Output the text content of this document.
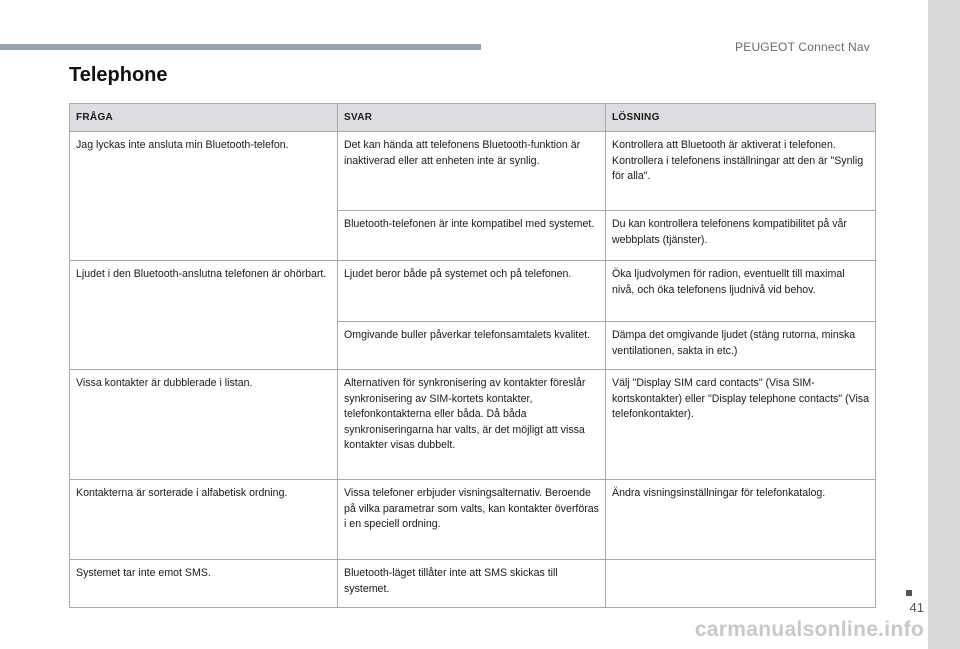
PEUGEOT Connect Nav
Telephone
FRÅGA	SVAR	LÖSNING
Jag lyckas inte ansluta min Bluetooth-telefon.	Det kan hända att telefonens Bluetooth-funktion är inaktiverad eller att enheten inte är synlig.	Kontrollera att Bluetooth är aktiverat i telefonen. Kontrollera i telefonens inställningar att den är "Synlig för alla".
	Bluetooth-telefonen är inte kompatibel med systemet.	Du kan kontrollera telefonens kompatibilitet på vår webbplats (tjänster).
Ljudet i den Bluetooth-anslutna telefonen är ohörbart.	Ljudet beror både på systemet och på telefonen.	Öka ljudvolymen för radion, eventuellt till maximal nivå, och öka telefonens ljudnivå vid behov.
	Omgivande buller påverkar telefonsamtalets kvalitet.	Dämpa det omgivande ljudet (stäng rutorna, minska ventilationen, sakta in etc.)
Vissa kontakter är dubblerade i listan.	Alternativen för synkronisering av kontakter föreslår synkronisering av SIM-kortets kontakter, telefonkontakterna eller båda. Då båda synkroniseringarna har valts, är det möjligt att vissa kontakter visas dubbelt.	Välj "Display SIM card contacts" (Visa SIM-kortskontakter) eller "Display telephone contacts" (Visa telefonkontakter).
Kontakterna är sorterade i alfabetisk ordning.	Vissa telefoner erbjuder visningsalternativ. Beroende på vilka parametrar som valts, kan kontakter överföras i en speciell ordning.	Ändra visningsinställningar för telefonkatalog.
Systemet tar inte emot SMS.	Bluetooth-läget tillåter inte att SMS skickas till systemet.	
41
carmanualsonline.info
